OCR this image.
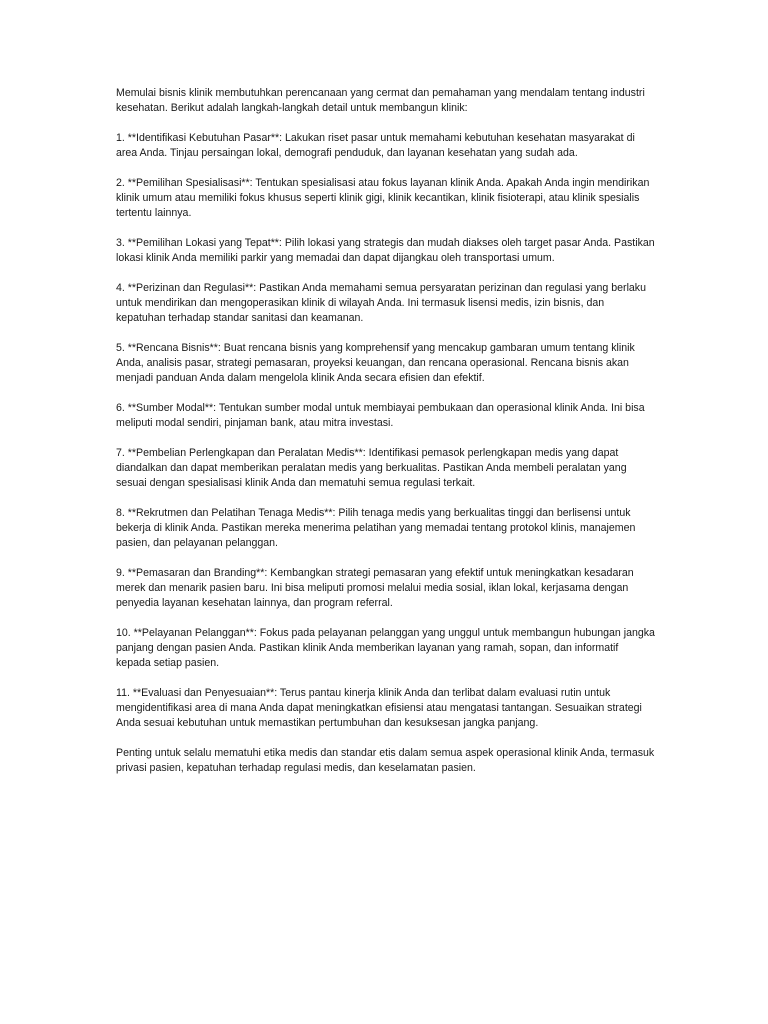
Memulai bisnis klinik membutuhkan perencanaan yang cermat dan pemahaman yang mendalam tentang industri kesehatan. Berikut adalah langkah-langkah detail untuk membangun klinik:

1. **Identifikasi Kebutuhan Pasar**: Lakukan riset pasar untuk memahami kebutuhan kesehatan masyarakat di area Anda. Tinjau persaingan lokal, demografi penduduk, dan layanan kesehatan yang sudah ada.

2. **Pemilihan Spesialisasi**: Tentukan spesialisasi atau fokus layanan klinik Anda. Apakah Anda ingin mendirikan klinik umum atau memiliki fokus khusus seperti klinik gigi, klinik kecantikan, klinik fisioterapi, atau klinik spesialis tertentu lainnya.

3. **Pemilihan Lokasi yang Tepat**: Pilih lokasi yang strategis dan mudah diakses oleh target pasar Anda. Pastikan lokasi klinik Anda memiliki parkir yang memadai dan dapat dijangkau oleh transportasi umum.

4. **Perizinan dan Regulasi**: Pastikan Anda memahami semua persyaratan perizinan dan regulasi yang berlaku untuk mendirikan dan mengoperasikan klinik di wilayah Anda. Ini termasuk lisensi medis, izin bisnis, dan kepatuhan terhadap standar sanitasi dan keamanan.

5. **Rencana Bisnis**: Buat rencana bisnis yang komprehensif yang mencakup gambaran umum tentang klinik Anda, analisis pasar, strategi pemasaran, proyeksi keuangan, dan rencana operasional. Rencana bisnis akan menjadi panduan Anda dalam mengelola klinik Anda secara efisien dan efektif.

6. **Sumber Modal**: Tentukan sumber modal untuk membiayai pembukaan dan operasional klinik Anda. Ini bisa meliputi modal sendiri, pinjaman bank, atau mitra investasi.

7. **Pembelian Perlengkapan dan Peralatan Medis**: Identifikasi pemasok perlengkapan medis yang dapat diandalkan dan dapat memberikan peralatan medis yang berkualitas. Pastikan Anda membeli peralatan yang sesuai dengan spesialisasi klinik Anda dan mematuhi semua regulasi terkait.

8. **Rekrutmen dan Pelatihan Tenaga Medis**: Pilih tenaga medis yang berkualitas tinggi dan berlisensi untuk bekerja di klinik Anda. Pastikan mereka menerima pelatihan yang memadai tentang protokol klinis, manajemen pasien, dan pelayanan pelanggan.

9. **Pemasaran dan Branding**: Kembangkan strategi pemasaran yang efektif untuk meningkatkan kesadaran merek dan menarik pasien baru. Ini bisa meliputi promosi melalui media sosial, iklan lokal, kerjasama dengan penyedia layanan kesehatan lainnya, dan program referral.

10. **Pelayanan Pelanggan**: Fokus pada pelayanan pelanggan yang unggul untuk membangun hubungan jangka panjang dengan pasien Anda. Pastikan klinik Anda memberikan layanan yang ramah, sopan, dan informatif kepada setiap pasien.

11. **Evaluasi dan Penyesuaian**: Terus pantau kinerja klinik Anda dan terlibat dalam evaluasi rutin untuk mengidentifikasi area di mana Anda dapat meningkatkan efisiensi atau mengatasi tantangan. Sesuaikan strategi Anda sesuai kebutuhan untuk memastikan pertumbuhan dan kesuksesan jangka panjang.

Penting untuk selalu mematuhi etika medis dan standar etis dalam semua aspek operasional klinik Anda, termasuk privasi pasien, kepatuhan terhadap regulasi medis, dan keselamatan pasien.
